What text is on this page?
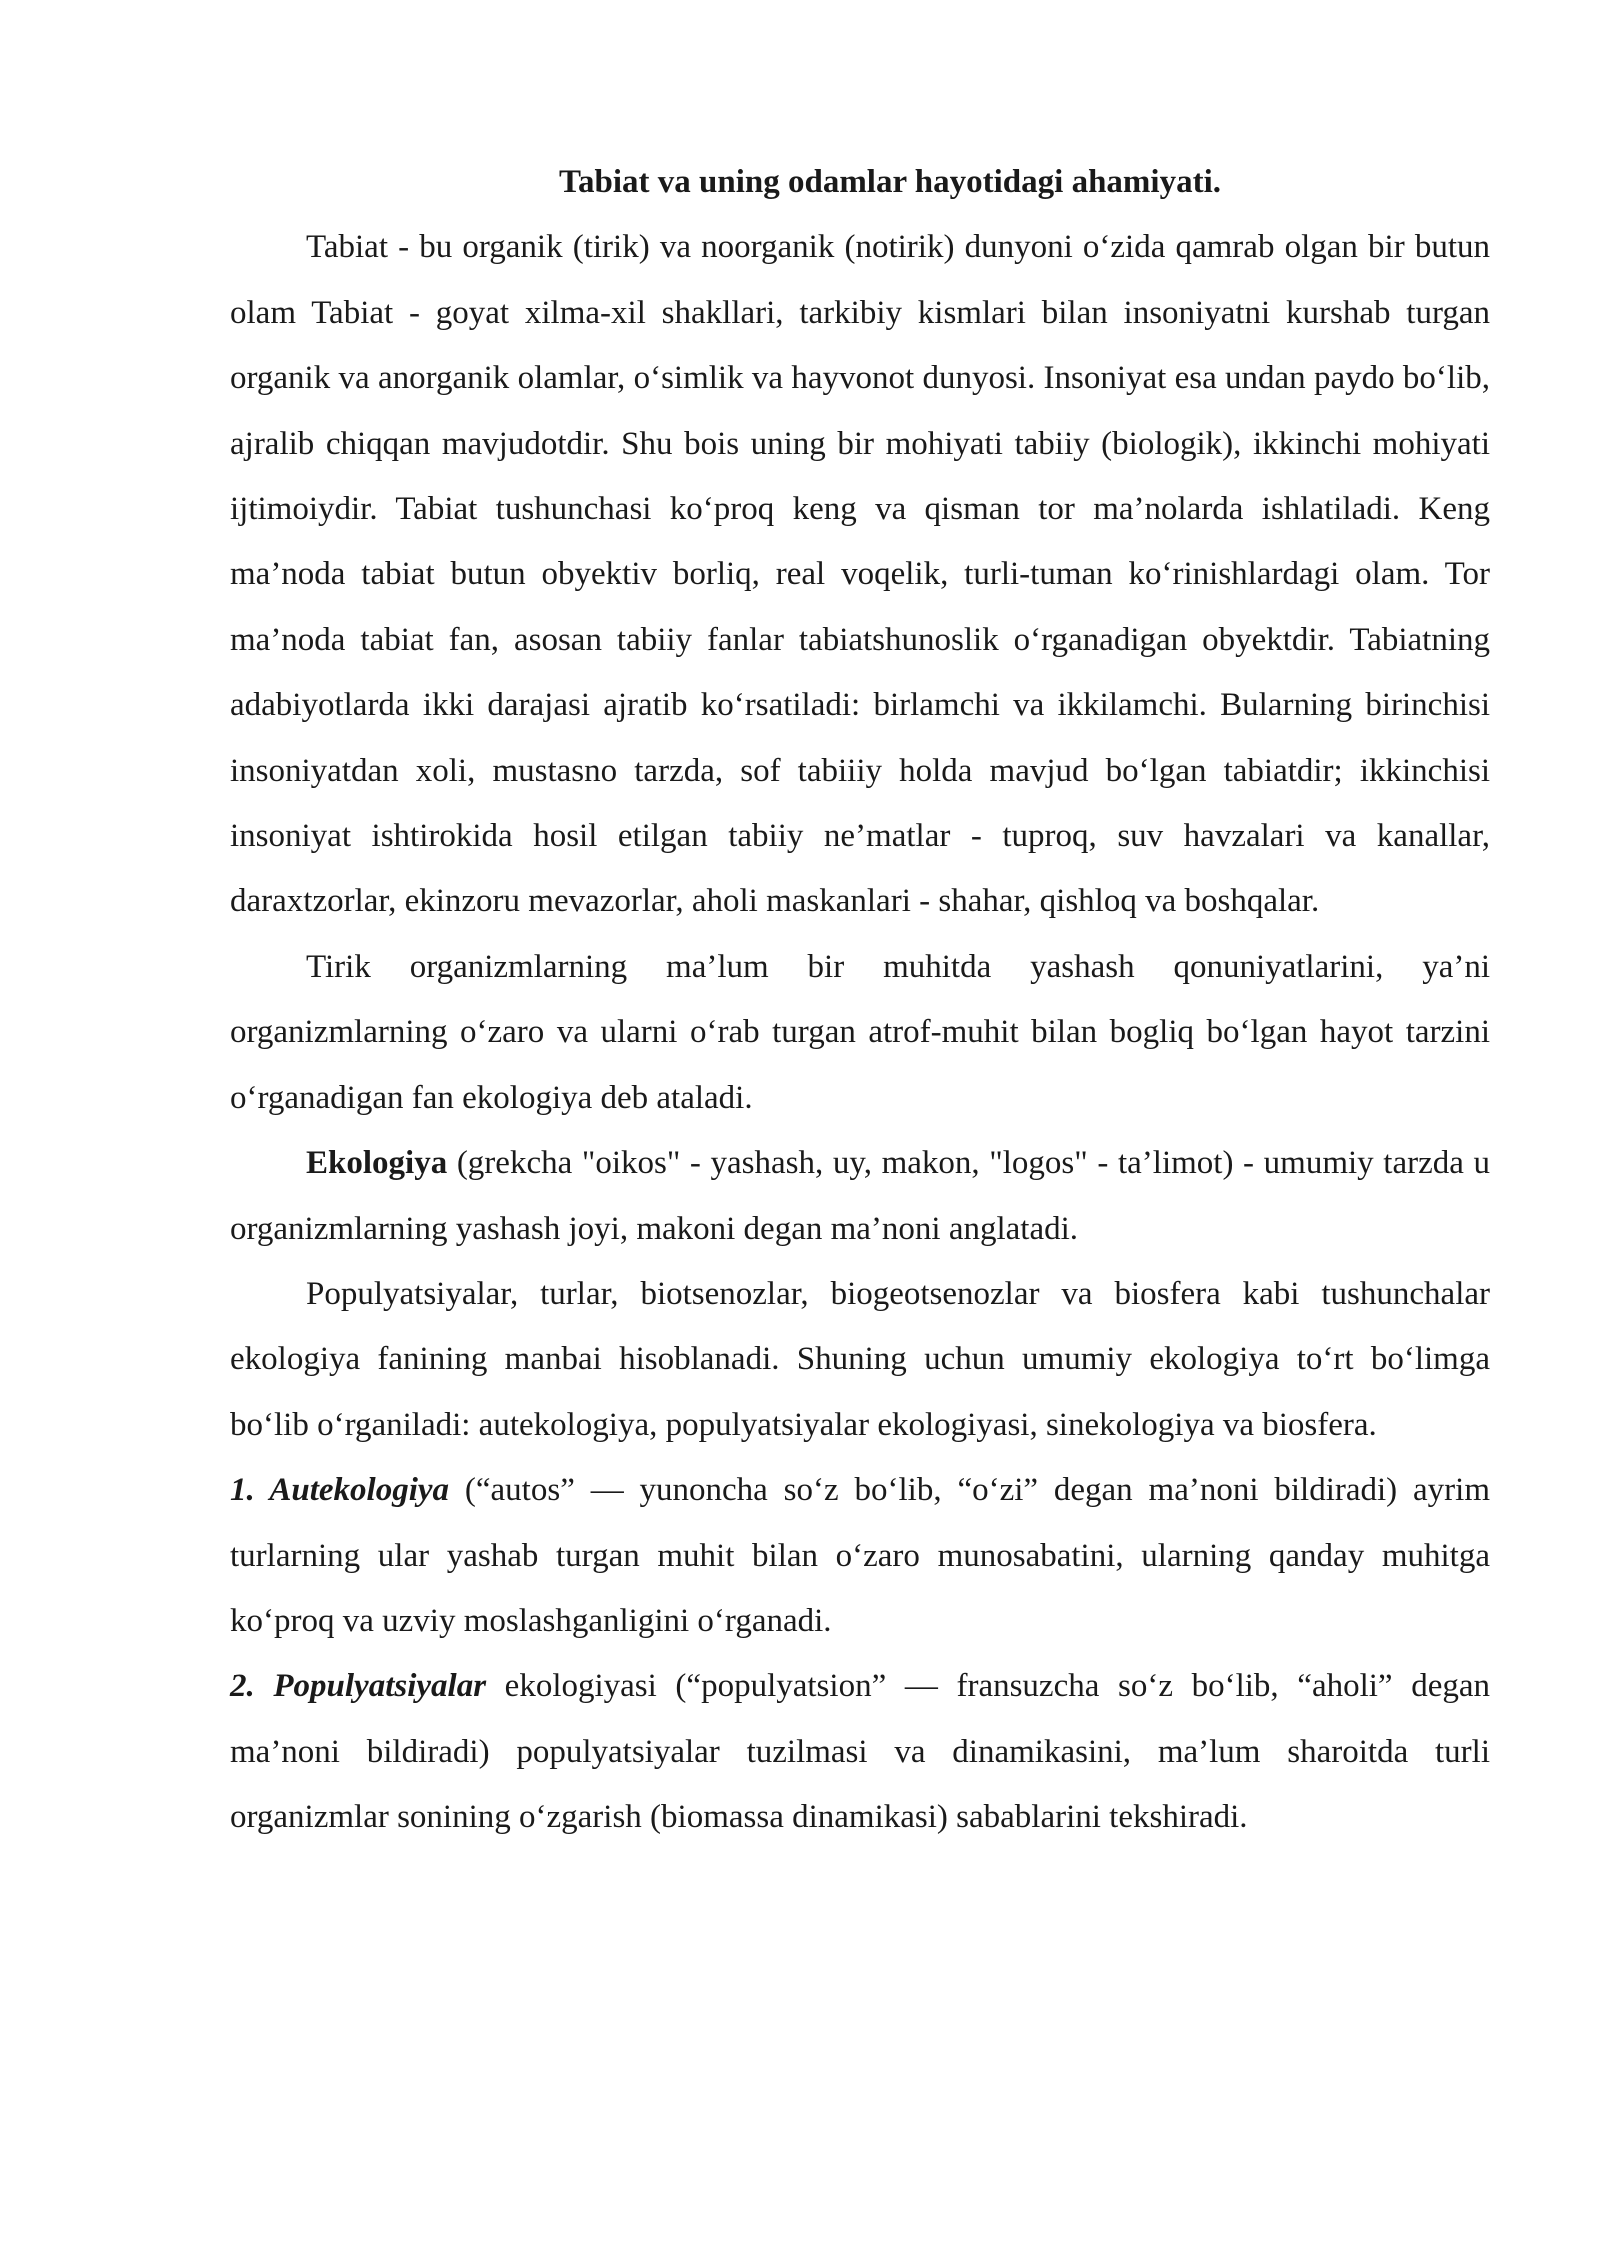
Tabiat va uning odamlar hayotidagi ahamiyati.

Tabiat - bu organik (tirik) va noorganik (notirik) dunyoni o‘zida qamrab olgan bir butun olam Tabiat - goyat xilma-xil shakllari, tarkibiy kismlari bilan insoniyatni kurshab turgan organik va anorganik olamlar, o‘simlik va hayvonot dunyosi. Insoniyat esa undan paydo bo‘lib, ajralib chiqqan mavjudotdir. Shu bois uning bir mohiyati tabiiy (biologik), ikkinchi mohiyati ijtimoiydir. Tabiat tushunchasi ko‘proq keng va qisman tor ma’nolarda ishlatiladi. Keng ma’noda tabiat butun obyektiv borliq, real voqelik, turli-tuman ko‘rinishlardagi olam. Tor ma’noda tabiat fan, asosan tabiiy fanlar tabiatshunoslik o‘rganadigan obyektdir. Tabiatning adabiyotlarda ikki darajasi ajratib ko‘rsatiladi: birlamchi va ikkilamchi. Bularning birinchisi insoniyatdan xoli, mustasno tarzda, sof tabiiiy holda mavjud bo‘lgan tabiatdir; ikkinchisi insoniyat ishtirokida hosil etilgan tabiiy ne’matlar - tuproq, suv havzalari va kanallar, daraxtzorlar, ekinzoru mevazorlar, aholi maskanlari - shahar, qishloq va boshqalar.

Tirik organizmlarning ma’lum bir muhitda yashash qonuniyatlarini, ya’ni organizmlarning o‘zaro va ularni o‘rab turgan atrof-muhit bilan bogliq bo‘lgan hayot tarzini o‘rganadigan fan ekologiya deb ataladi.

Ekologiya (grekcha "oikos" - yashash, uy, makon, "logos" - ta’limot) - umumiy tarzda u organizmlarning yashash joyi, makoni degan ma’noni anglatadi.

Populyatsiyalar, turlar, biotsenozlar, biogeotsenozlar va biosfera kabi tushunchalar ekologiya fanining manbai hisoblanadi. Shuning uchun umumiy ekologiya to‘rt bo‘limga bo‘lib o‘rganiladi: autekologiya, populyatsiyalar ekologiyasi, sinekologiya va biosfera.

1. Autekologiya (“autos” — yunoncha so‘z bo‘lib, “o‘zi” degan ma’noni bildiradi) ayrim turlarning ular yashab turgan muhit bilan o‘zaro munosabatini, ularning qanday muhitga ko‘proq va uzviy moslashganligini o‘rganadi.

2. Populyatsiyalar ekologiyasi (“populyatsion” — fransuzcha so‘z bo‘lib, “aholi” degan ma’noni bildiradi) populyatsiyalar tuzilmasi va dinamikasini, ma’lum sharoitda turli organizmlar sonining o‘zgarish (biomassa dinamikasi) sabablarini tekshiradi.
